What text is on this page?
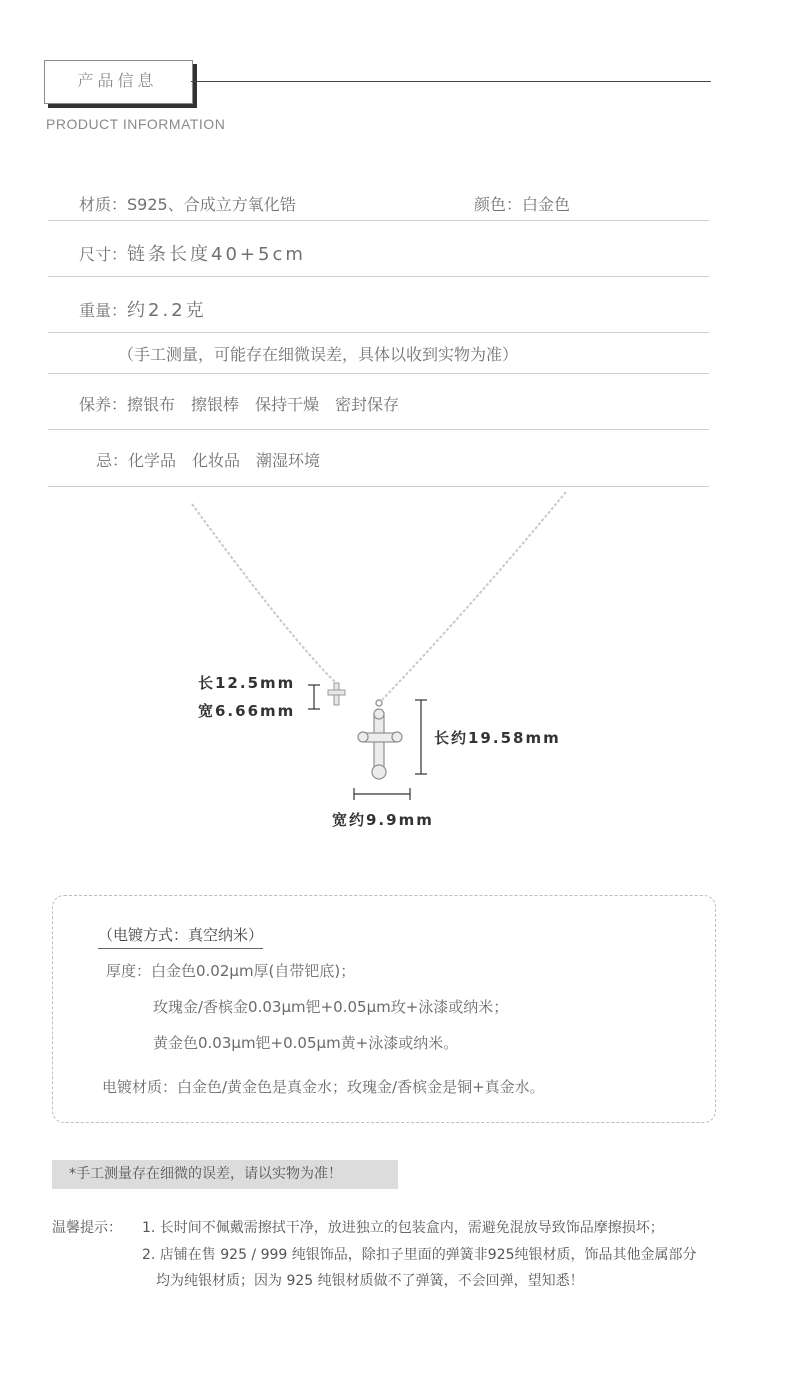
产品信息
PRODUCT INFORMATION
材质：S925、合成立方氧化锆	颜色：白金色
尺寸：链条长度40+5cm
重量：约2.2克
（手工测量，可能存在细微误差，具体以收到实物为准）
保养：擦银布　擦银棒　保持干燥　密封保存
忌：化学品　化妆品　潮湿环境
长12.5mm
宽6.66mm
长约19.58mm
宽约9.9mm
（电镀方式：真空纳米）
厚度：白金色0.02μm厚(自带钯底)；
玫瑰金/香槟金0.03μm钯+0.05μm玫+泳漆或纳米；
黄金色0.03μm钯+0.05μm黄+泳漆或纳米。
电镀材质：白金色/黄金色是真金水；玫瑰金/香槟金是铜+真金水。
*手工测量存在细微的误差，请以实物为准！
温馨提示： 1. 长时间不佩戴需擦拭干净，放进独立的包装盒内，需避免混放导致饰品摩擦损坏；
2. 店铺在售 925 / 999 纯银饰品，除扣子里面的弹簧非925纯银材质，饰品其他金属部分
均为纯银材质；因为 925 纯银材质做不了弹簧，不会回弹，望知悉！
